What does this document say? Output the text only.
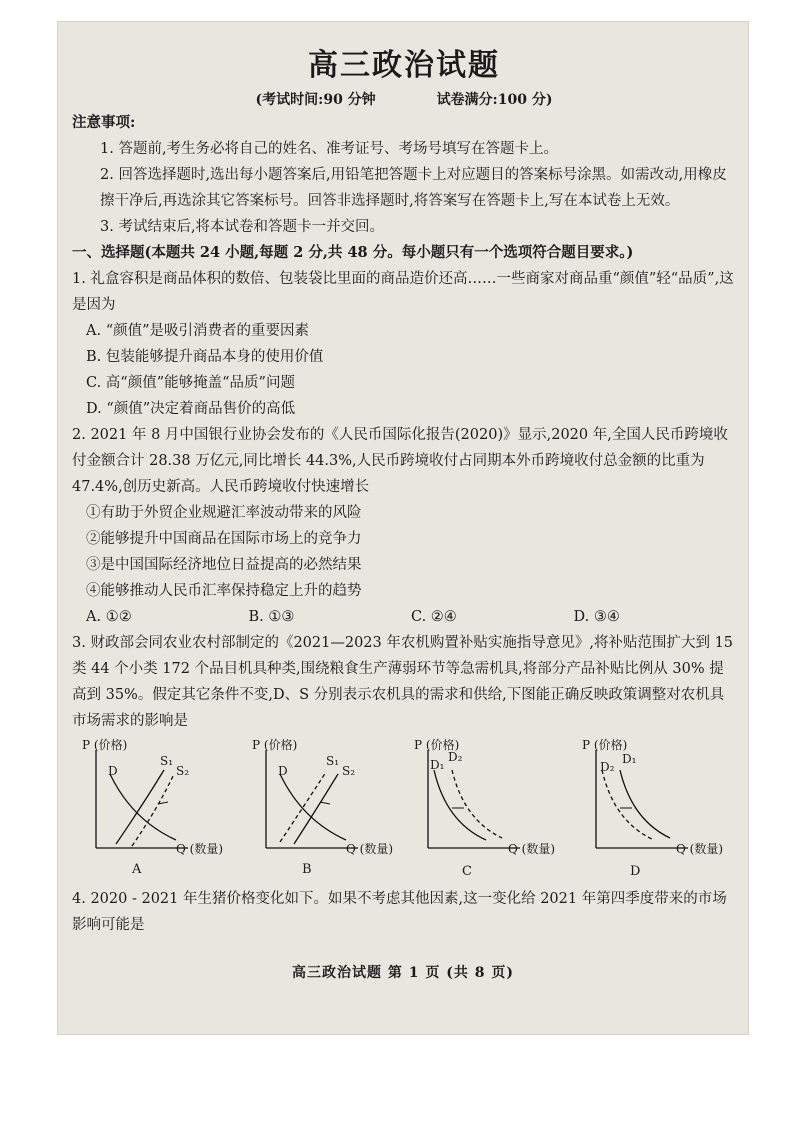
高三政治试题
(考试时间:90 分钟	试卷满分:100 分)

注意事项:

1. 答题前,考生务必将自己的姓名、准考证号、考场号填写在答题卡上。

2. 回答选择题时,选出每小题答案后,用铅笔把答题卡上对应题目的答案标号涂黑。如需改动,用橡皮擦干净后,再选涂其它答案标号。回答非选择题时,将答案写在答题卡上,写在本试卷上无效。

3. 考试结束后,将本试卷和答题卡一并交回。

一、选择题(本题共 24 小题,每题 2 分,共 48 分。每小题只有一个选项符合题目要求。)

1. 礼盒容积是商品体积的数倍、包装袋比里面的商品造价还高……一些商家对商品重“颜值”轻“品质”,这是因为

A. “颜值”是吸引消费者的重要因素

B. 包装能够提升商品本身的使用价值

C. 高“颜值”能够掩盖“品质”问题

D. “颜值”决定着商品售价的高低

2. 2021 年 8 月中国银行业协会发布的《人民币国际化报告(2020)》显示,2020 年,全国人民币跨境收付金额合计 28.38 万亿元,同比增长 44.3%,人民币跨境收付占同期本外币跨境收付总金额的比重为 47.4%,创历史新高。人民币跨境收付快速增长

①有助于外贸企业规避汇率波动带来的风险

②能够提升中国商品在国际市场上的竞争力

③是中国国际经济地位日益提高的必然结果

④能够推动人民币汇率保持稳定上升的趋势

A. ①②	B. ①③	C. ②④	D. ③④

3. 财政部会同农业农村部制定的《2021—2023 年农机购置补贴实施指导意见》,将补贴范围扩大到 15 类 44 个小类 172 个品目机具种类,围绕粮食生产薄弱环节等急需机具,将部分产品补贴比例从 30% 提高到 35%。假定其它条件不变,D、S 分别表示农机具的需求和供给,下图能正确反映政策调整对农机具市场需求的影响是

P (价格)
Q (数量)
D
S₁
S₂
A
P (价格)
Q (数量)
D
S₁
S₂
B
P (价格)
Q (数量)
D₁
D₂
C
P (价格)
Q (数量)
D₂
D₁
D

4. 2020 - 2021 年生猪价格变化如下。如果不考虑其他因素,这一变化给 2021 年第四季度带来的市场影响可能是

高三政治试题 第 1 页 (共 8 页)
